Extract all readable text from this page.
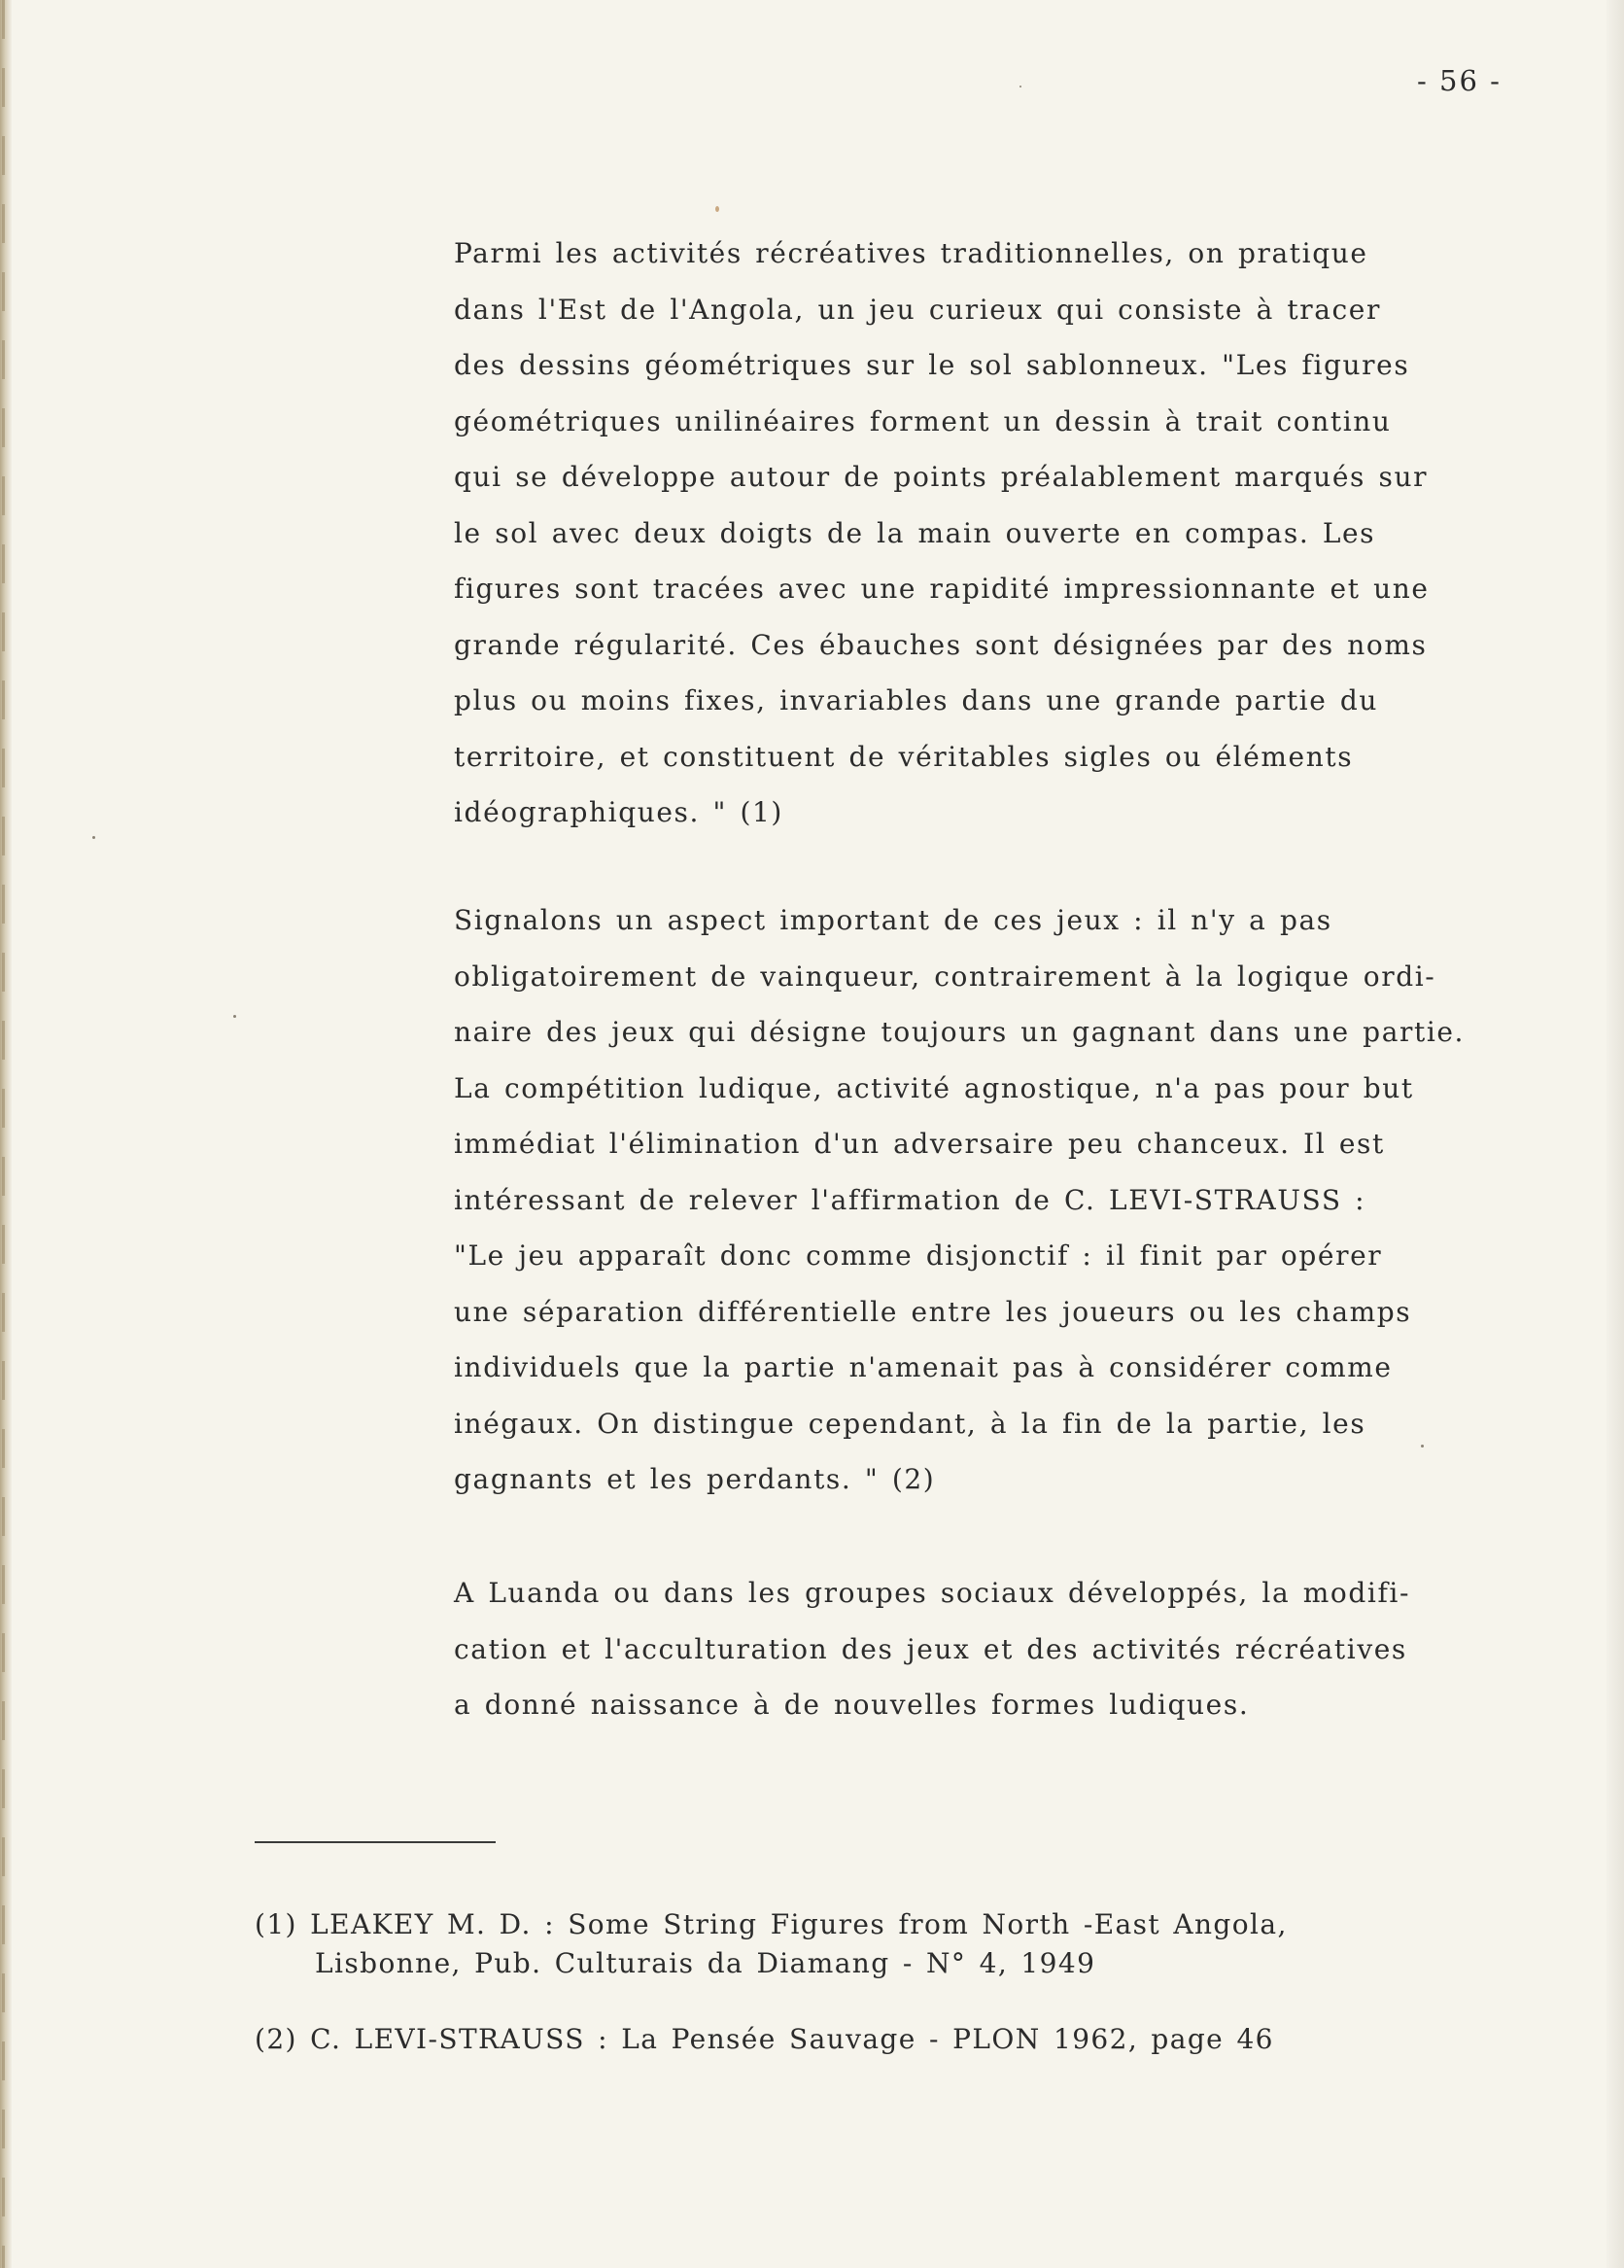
- 56 -
Parmi les activités récréatives traditionnelles, on pratique
dans l'Est de l'Angola, un jeu curieux qui consiste à tracer
des dessins géométriques sur le sol sablonneux. "Les figures
géométriques unilinéaires forment un dessin à trait continu
qui se développe autour de points préalablement marqués sur
le sol avec deux doigts de la main ouverte en compas. Les
figures sont tracées avec une rapidité impressionnante et une
grande régularité. Ces ébauches sont désignées par des noms
plus ou moins fixes, invariables dans une grande partie du
territoire, et constituent de véritables sigles ou éléments
idéographiques. " (1)
Signalons un aspect important de ces jeux : il n'y a pas
obligatoirement de vainqueur, contrairement à la logique ordi-
naire des jeux qui désigne toujours un gagnant dans une partie.
La compétition ludique, activité agnostique, n'a pas pour but
immédiat l'élimination d'un adversaire peu chanceux. Il est
intéressant de relever l'affirmation de C. LEVI-STRAUSS :
"Le jeu apparaît donc comme disjonctif : il finit par opérer
une séparation différentielle entre les joueurs ou les champs
individuels que la partie n'amenait pas à considérer comme
inégaux. On distingue cependant, à la fin de la partie, les
gagnants et les perdants. " (2)
A Luanda ou dans les groupes sociaux développés, la modifi-
cation et l'acculturation des jeux et des activités récréatives
a donné naissance à de nouvelles formes ludiques.
(1) LEAKEY M. D. : Some String Figures from North -East Angola,
Lisbonne, Pub. Culturais da Diamang - N° 4, 1949
(2) C. LEVI-STRAUSS : La Pensée Sauvage - PLON 1962, page 46
